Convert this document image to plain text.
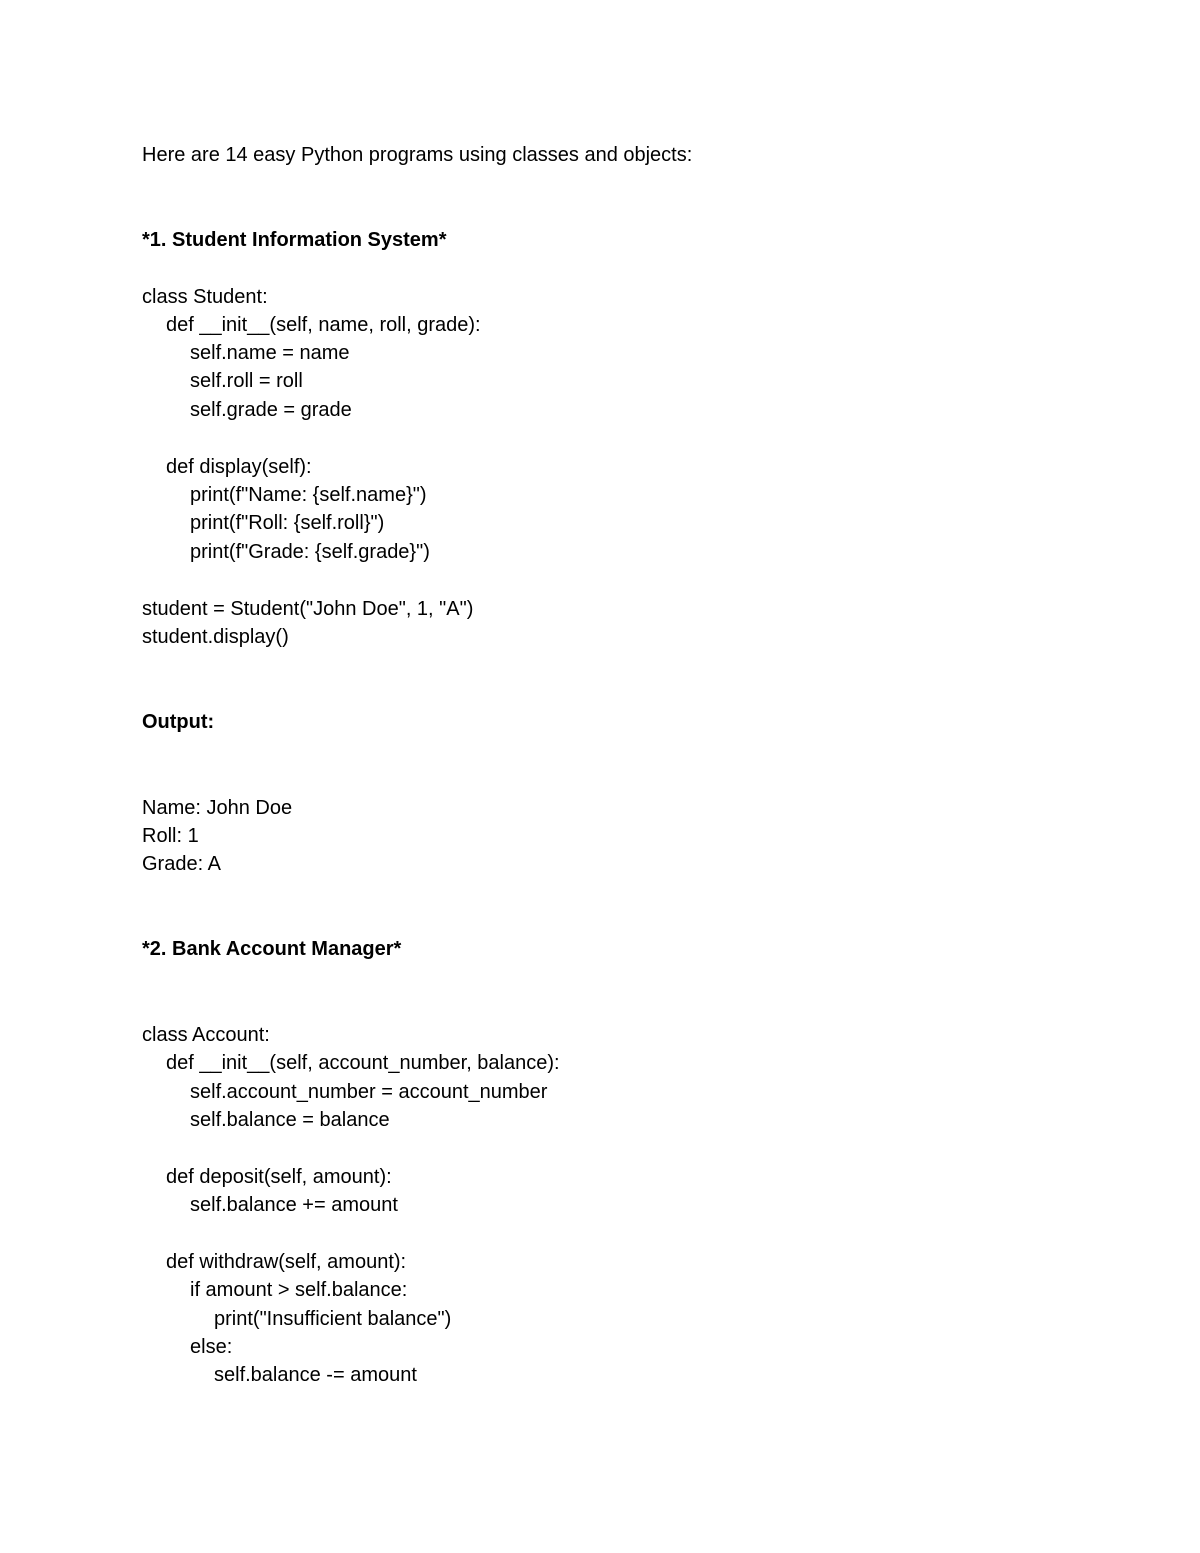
Here are 14 easy Python programs using classes and objects:
*1. Student Information System*
class Student:
def __init__(self, name, roll, grade):
self.name = name
self.roll = roll
self.grade = grade
def display(self):
print(f"Name: {self.name}")
print(f"Roll: {self.roll}")
print(f"Grade: {self.grade}")
student = Student("John Doe", 1, "A")
student.display()
Output:
Name: John Doe
Roll: 1
Grade: A
*2. Bank Account Manager*
class Account:
def __init__(self, account_number, balance):
self.account_number = account_number
self.balance = balance
def deposit(self, amount):
self.balance += amount
def withdraw(self, amount):
if amount > self.balance:
print("Insufficient balance")
else:
self.balance -= amount
